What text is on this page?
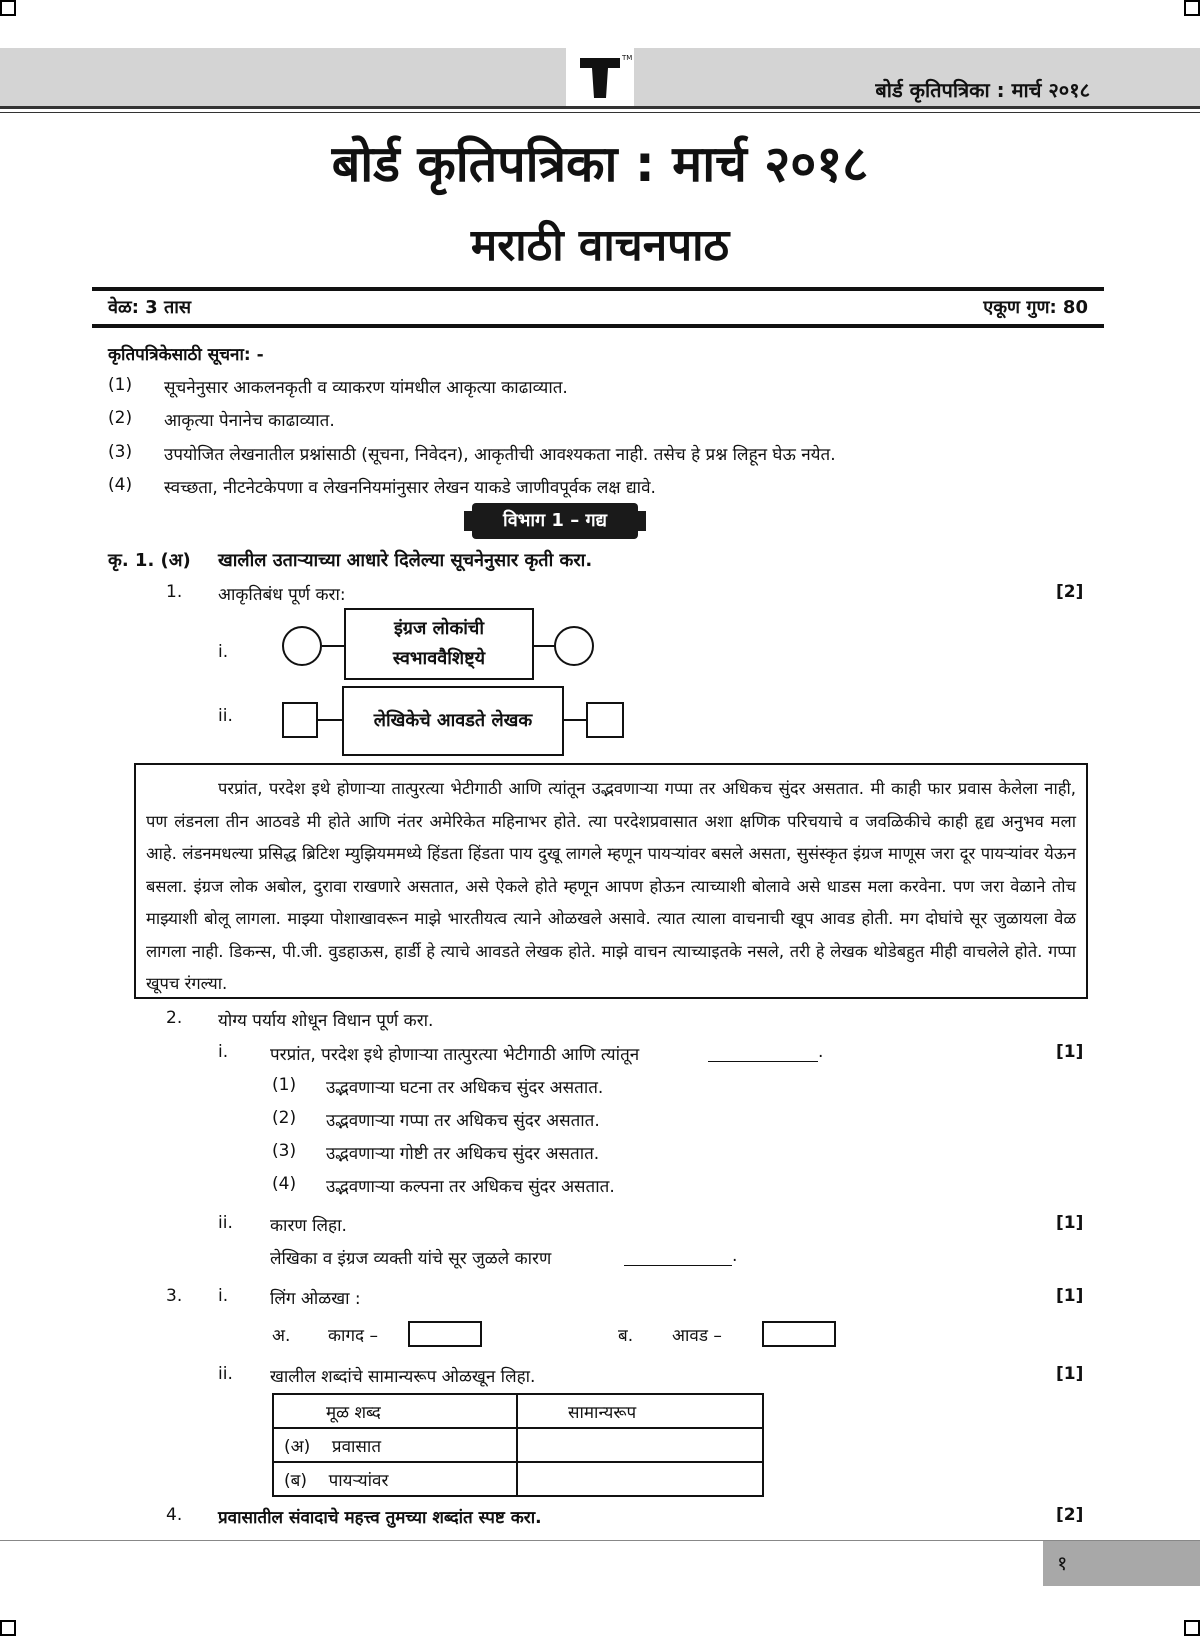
TM
बोर्ड कृतिपत्रिका : मार्च २०१८
बोर्ड कृतिपत्रिका : मार्च २०१८
मराठी वाचनपाठ
वेळ: 3 तास	एकूण गुण: 80
कृतिपत्रिकेसाठी सूचना: -
(1) सूचनेनुसार आकलनकृती व व्याकरण यांमधील आकृत्या काढाव्यात.
(2) आकृत्या पेनानेच काढाव्यात.
(3) उपयोजित लेखनातील प्रश्नांसाठी (सूचना, निवेदन), आकृतीची आवश्यकता नाही. तसेच हे प्रश्न लिहून घेऊ नयेत.
(4) स्वच्छता, नीटनेटकेपणा व लेखननियमांनुसार लेखन याकडे जाणीवपूर्वक लक्ष द्यावे.
विभाग 1 – गद्य
कृ. 1. (अ) खालील उताऱ्याच्या आधारे दिलेल्या सूचनेनुसार कृती करा.
1. आकृतिबंध पूर्ण करा:	[2]
i.
इंग्रज लोकांची
स्वभाववैशिष्ट्ये
ii.	लेखिकेचे आवडते लेखक

परप्रांत, परदेश इथे होणाऱ्या तात्पुरत्या भेटीगाठी आणि त्यांतून उद्भवणाऱ्या गप्पा तर अधिकच सुंदर असतात. मी काही फार प्रवास केलेला नाही, पण लंडनला तीन आठवडे मी होते आणि नंतर अमेरिकेत महिनाभर होते. त्या परदेशप्रवासात अशा क्षणिक परिचयाचे व जवळिकीचे काही हृद्य अनुभव मला आहे. लंडनमधल्या प्रसिद्ध ब्रिटिश म्युझियममध्ये हिंडता हिंडता पाय दुखू लागले म्हणून पायऱ्यांवर बसले असता, सुसंस्कृत इंग्रज माणूस जरा दूर पायऱ्यांवर येऊन बसला. इंग्रज लोक अबोल, दुरावा राखणारे असतात, असे ऐकले होते म्हणून आपण होऊन त्याच्याशी बोलावे असे धाडस मला करवेना. पण जरा वेळाने तोच माझ्याशी बोलू लागला. माझ्या पोशाखावरून माझे भारतीयत्व त्याने ओळखले असावे. त्यात त्याला वाचनाची खूप आवड होती. मग दोघांचे सूर जुळायला वेळ लागला नाही. डिकन्स, पी.जी. वुडहाऊस, हार्डी हे त्याचे आवडते लेखक होते. माझे वाचन त्याच्याइतके नसले, तरी हे लेखक थोडेबहुत मीही वाचलेले होते. गप्पा खूपच रंगल्या.

2. योग्य पर्याय शोधून विधान पूर्ण करा.
i. परप्रांत, परदेश इथे होणाऱ्या तात्पुरत्या भेटीगाठी आणि त्यांतून	.	[1]
(1) उद्भवणाऱ्या घटना तर अधिकच सुंदर असतात.
(2) उद्भवणाऱ्या गप्पा तर अधिकच सुंदर असतात.
(3) उद्भवणाऱ्या गोष्टी तर अधिकच सुंदर असतात.
(4) उद्भवणाऱ्या कल्पना तर अधिकच सुंदर असतात.
ii. कारण लिहा.	[1]
लेखिका व इंग्रज व्यक्ती यांचे सूर जुळले कारण	.
3. i. लिंग ओळखा :	[1]
अ. कागद –	ब. आवड –
ii. खालील शब्दांचे सामान्यरूप ओळखून लिहा.	[1]
मूळ शब्द	सामान्यरूप
(अ) प्रवासात	
(ब) पायऱ्यांवर	
4. प्रवासातील संवादाचे महत्त्व तुमच्या शब्दांत स्पष्ट करा.	[2]
१
